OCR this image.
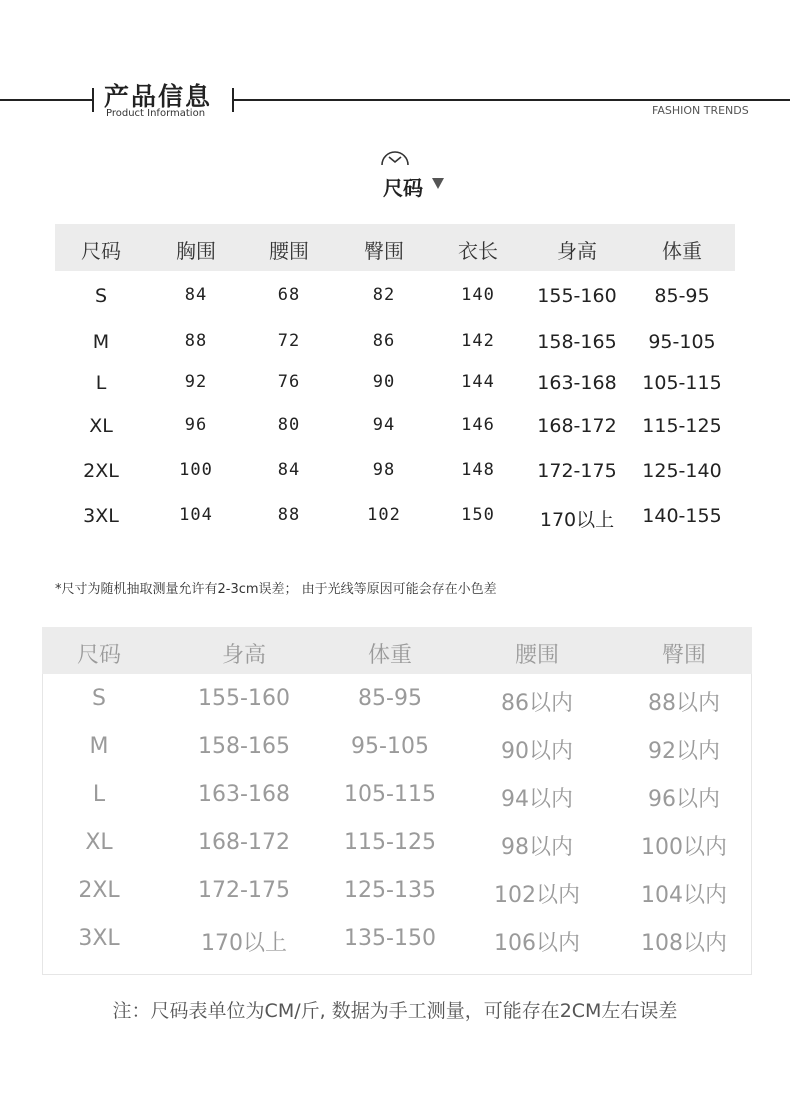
产品信息
Product Information	FASHION TRENDS
尺码
尺码	胸围	腰围	臀围	衣长	身高	体重
S	84	68	82	140	155-160	85-95
M	88	72	86	142	158-165	95-105
L	92	76	90	144	163-168	105-115
XL	96	80	94	146	168-172	115-125
2XL	100	84	98	148	172-175	125-140
3XL	104	88	102	150	170以上	140-155
*尺寸为随机抽取测量允许有2-3cm误差； 由于光线等原因可能会存在小色差
尺码	身高	体重	腰围	臀围
S	155-160	85-95	86以内	88以内
M	158-165	95-105	90以内	92以内
L	163-168	105-115	94以内	96以内
XL	168-172	115-125	98以内	100以内
2XL	172-175	125-135	102以内	104以内
3XL	170以上	135-150	106以内	108以内
注：尺码表单位为CM/斤, 数据为手工测量，可能存在2CM左右误差
